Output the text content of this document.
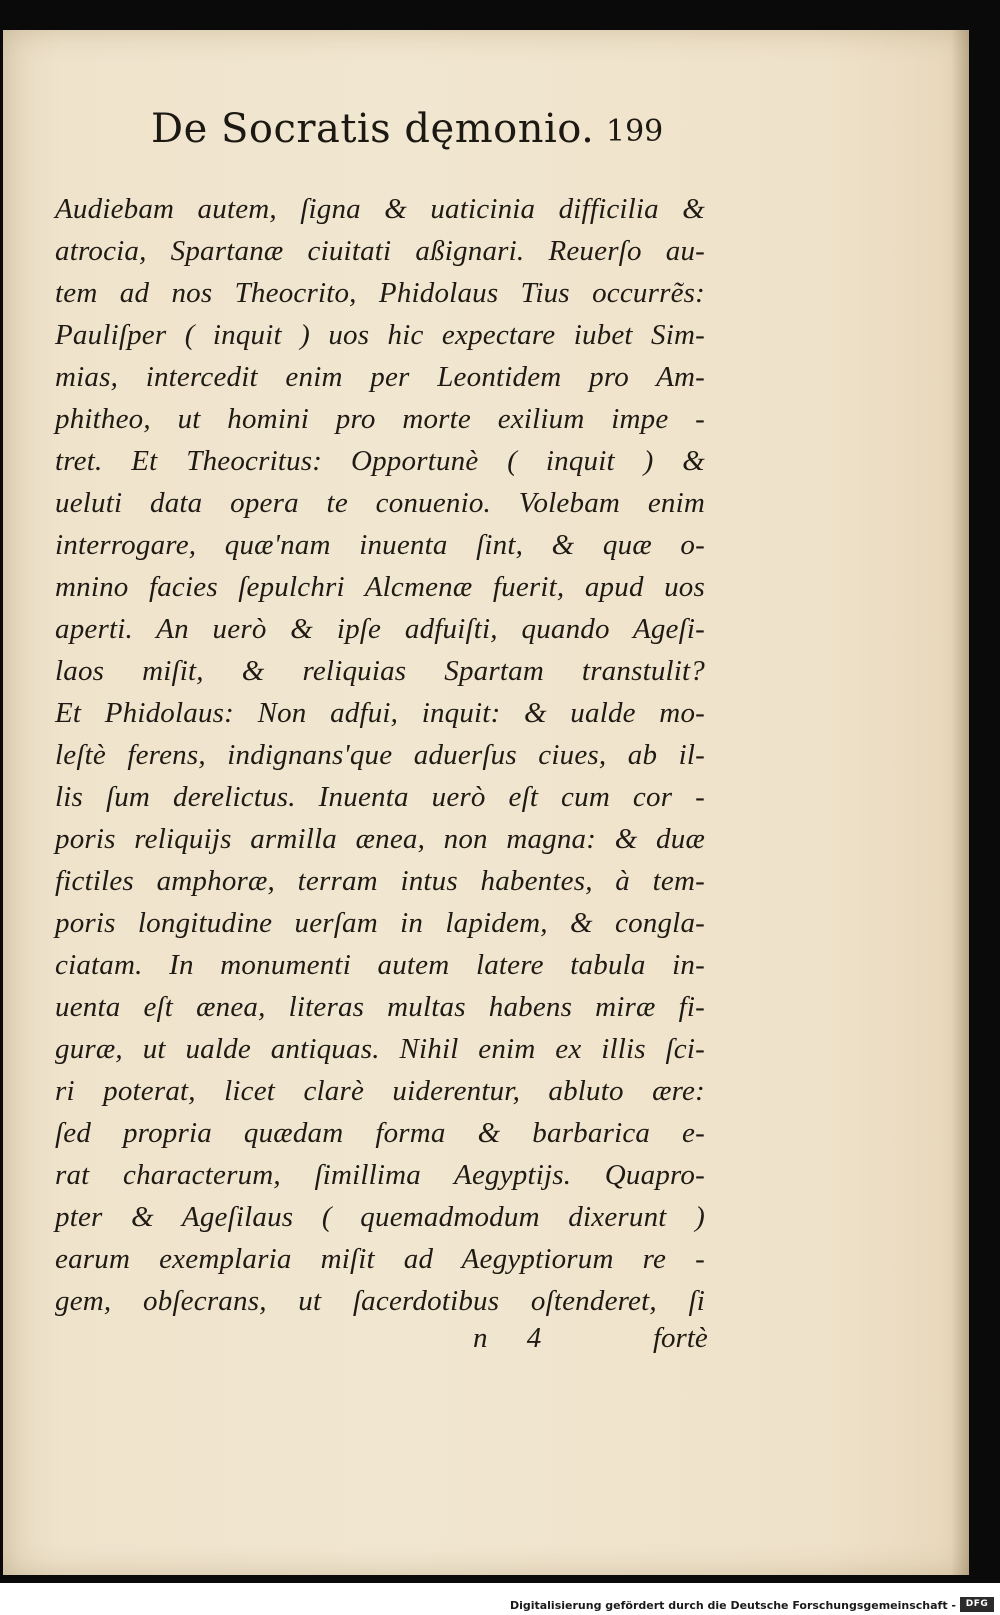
De Socratis dęmonio. 199
Audiebam autem, ſigna & uaticinia difficilia &
atrocia, Spartanæ ciuitati aßignari. Reuerſo au-
tem ad nos Theocrito, Phidolaus Tius occurrẽs:
Pauliſper ( inquit ) uos hic expectare iubet Sim-
mias, intercedit enim per Leontidem pro Am-
phitheo, ut homini pro morte exilium impe -
tret. Et Theocritus: Opportunè ( inquit ) &
ueluti data opera te conuenio. Volebam enim
interrogare, quæ'nam inuenta ſint, & quæ o-
mnino facies ſepulchri Alcmenæ fuerit, apud uos
aperti. An uerò & ipſe adfuiſti, quando Ageſi-
laos miſit, & reliquias Spartam transtulit?
Et Phidolaus: Non adfui, inquit: & ualde mo-
leſtè ferens, indignans'que aduerſus ciues, ab il-
lis ſum derelictus. Inuenta uerò eſt cum cor -
poris reliquijs armilla ænea, non magna: & duæ
fictiles amphoræ, terram intus habentes, à tem-
poris longitudine uerſam in lapidem, & congla-
ciatam. In monumenti autem latere tabula in-
uenta eſt ænea, literas multas habens miræ fi-
guræ, ut ualde antiquas. Nihil enim ex illis ſci-
ri poterat, licet clarè uiderentur, abluto ære:
ſed propria quædam forma & barbarica e-
rat characterum, ſimillima Aegyptijs. Quapro-
pter & Ageſilaus ( quemadmodum dixerunt )
earum exemplaria miſit ad Aegyptiorum re -
gem, obſecrans, ut ſacerdotibus oſtenderet, ſi
n 4	fortè
Digitalisierung gefördert durch die Deutsche Forschungsgemeinschaft -	DFG
